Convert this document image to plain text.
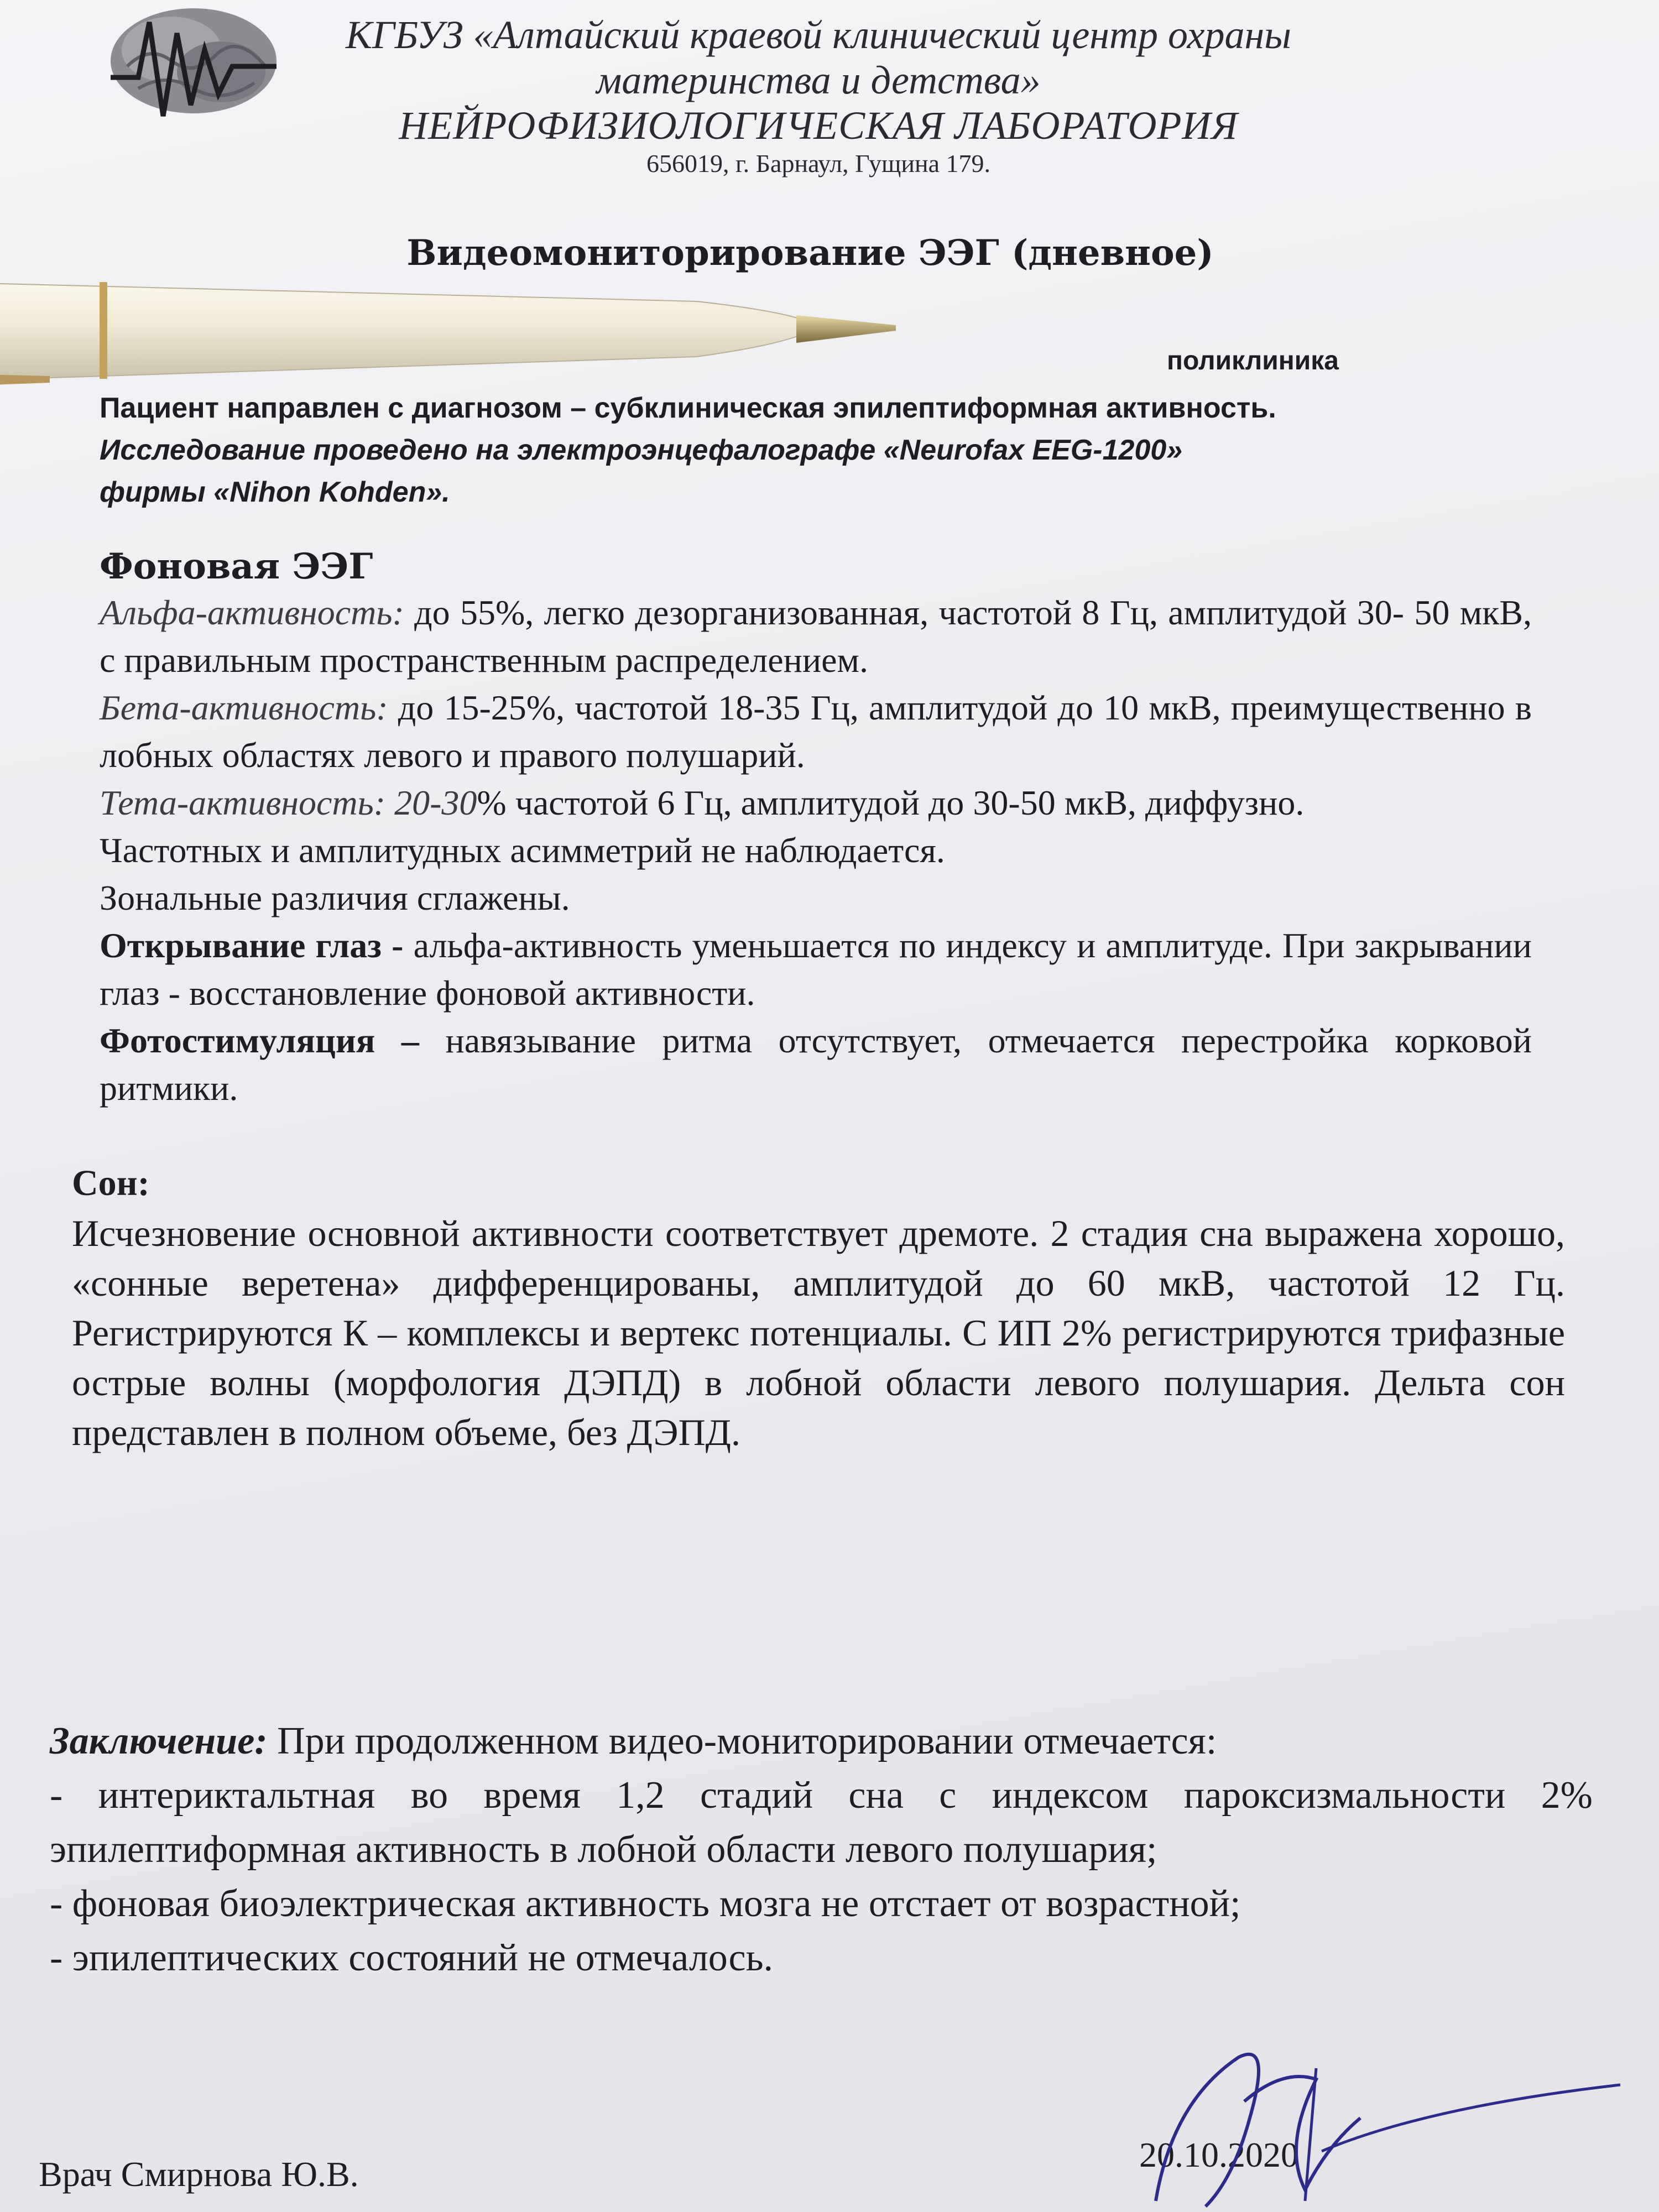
КГБУЗ «Алтайский краевой клинический центр охраны
материнства и детства»
НЕЙРОФИЗИОЛОГИЧЕСКАЯ ЛАБОРАТОРИЯ
656019, г. Барнаул, Гущина 179.
Видеомониторирование ЭЭГ (дневное)
поликлиника
Пациент направлен с диагнозом – субклиническая эпилептиформная активность.
Исследование проведено на электроэнцефалографе «Neurofax EEG-1200»
фирмы «Nihon Kohden».
Фоновая ЭЭГ
Альфа-активность: до 55%, легко дезорганизованная, частотой 8 Гц, амплитудой 30- 50 мкВ, с правильным пространственным распределением.
Бета-активность: до 15-25%, частотой 18-35 Гц, амплитудой до 10 мкВ, преимущественно в лобных областях левого и правого полушарий.
Тета-активность: 20-30% частотой 6 Гц, амплитудой до 30-50 мкВ, диффузно.
Частотных и амплитудных асимметрий не наблюдается.
Зональные различия сглажены.
Открывание глаз - альфа-активность уменьшается по индексу и амплитуде. При закрывании глаз - восстановление фоновой активности.
Фотостимуляция – навязывание ритма отсутствует, отмечается перестройка корковой ритмики.
Сон:
Исчезновение основной активности соответствует дремоте. 2 стадия сна выражена хорошо, «сонные веретена» дифференцированы, амплитудой до 60 мкВ, частотой 12 Гц. Регистрируются К – комплексы и вертекс потенциалы. С ИП 2% регистрируются трифазные острые волны (морфология ДЭПД) в лобной области левого полушария. Дельта сон представлен в полном объеме, без ДЭПД.
Заключение: При продолженном видео-мониторировании отмечается:
- интериктальтная во время 1,2 стадий сна с индексом пароксизмальности 2% эпилептиформная активность в лобной области левого полушария;
- фоновая биоэлектрическая активность мозга не отстает от возрастной;
- эпилептических состояний не отмечалось.
Врач Смирнова Ю.В.	20.10.2020
